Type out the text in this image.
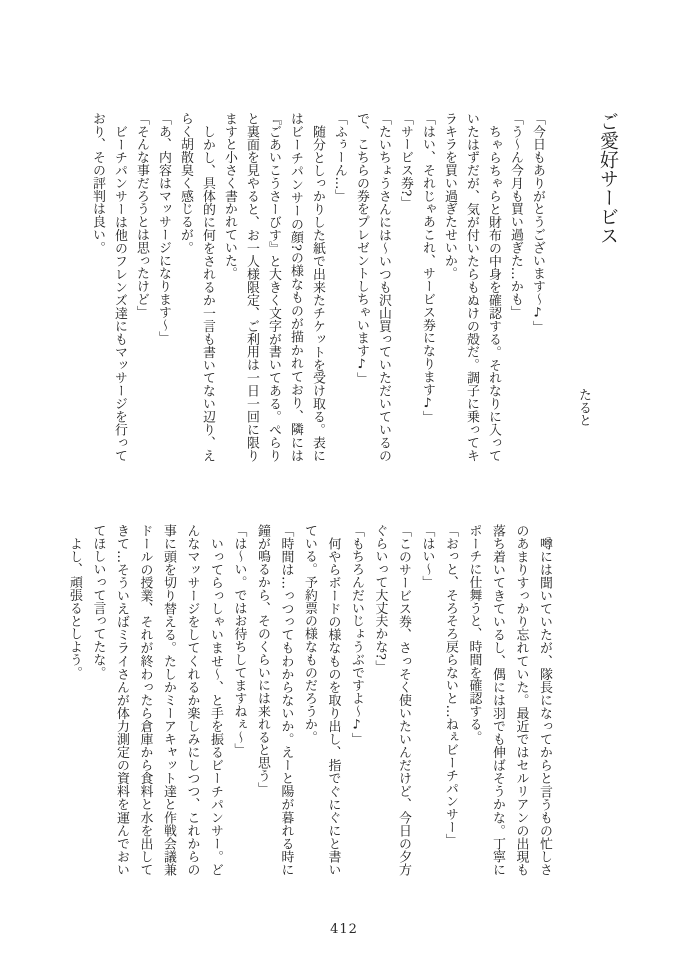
ご愛好サービス
たると

「今日もありがとうございます〜♪」

「う〜ん今月も買い過ぎた…かも」

ちゃらちゃらと財布の中身を確認する。それなりに入っていたはずだが、気が付いたらもぬけの殻だ。調子に乗ってキラキラを買い過ぎたせいか。

「はい、それじゃあこれ、サービス券になります♪」

「サービス券?」

「たいちょうさんには〜いつも沢山買っていただいているので、こちらの券をプレゼントしちゃいます♪」

「ふぅーん…」

随分としっかりした紙で出来たチケットを受け取る。表にはビーチパンサーの顔?の様なものが描かれており、隣には『ごあいこうさーびす』と大きく文字が書いてある。ぺらりと裏面を見やると、お一人様限定、ご利用は一日一回に限りますと小さく書かれていた。

しかし、具体的に何をされるか一言も書いてない辺り、えらく胡散臭く感じるが。

「あ、内容はマッサージになります〜」

「そんな事だろうとは思ったけど」

ビーチパンサーは他のフレンズ達にもマッサージを行っており、その評判は良い。

噂には聞いていたが、隊長になってからと言うもの忙しさのあまりすっかり忘れていた。最近ではセルリアンの出現も落ち着いてきているし、偶には羽でも伸ばそうかな。丁寧にポーチに仕舞うと、時間を確認する。

「おっと、そろそろ戻らないと…ねぇビーチパンサー」

「はい〜」

「このサービス券、さっそく使いたいんだけど、今日の夕方ぐらいって大丈夫かな?」

「もちろんだいじょうぶですよ〜♪」

何やらボードの様なものを取り出し、指でぐにぐにと書いている。予約票の様なものだろうか。

「時間は…っつってもわからないか。えーと陽が暮れる時に鐘が鳴るから、そのくらいには来れると思う」

「は〜い。ではお待ちしてますねぇ〜」

いってらっしゃいませ〜、と手を振るビーチパンサー。どんなマッサージをしてくれるか楽しみにしつつ、これからの事に頭を切り替える。たしかミーアキャット達と作戦会議兼ドールの授業、それが終わったら倉庫から食料と水を出してきて…そういえばミライさんが体力測定の資料を運んでおいてほしいって言ってたな。

よし、頑張るとしよう。

412
